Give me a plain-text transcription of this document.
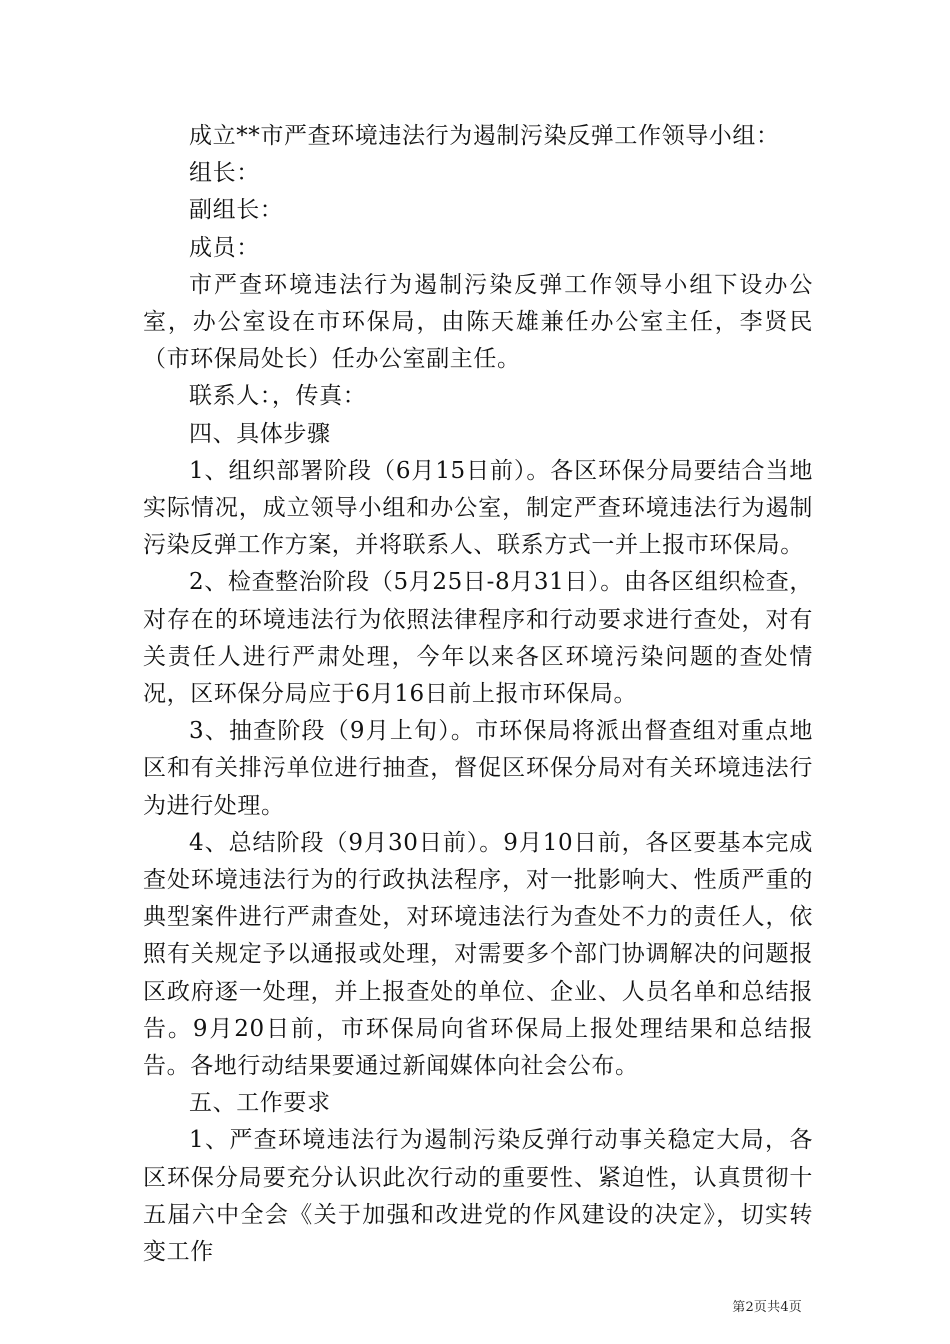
成立**市严查环境违法行为遏制污染反弹工作领导小组：

组长：

副组长：

成员：

市严查环境违法行为遏制污染反弹工作领导小组下设办公室，办公室设在市环保局，由陈天雄兼任办公室主任，李贤民（市环保局处长）任办公室副主任。

联系人：，传真：

四、具体步骤

1、组织部署阶段（6月15日前）。各区环保分局要结合当地实际情况，成立领导小组和办公室，制定严查环境违法行为遏制污染反弹工作方案，并将联系人、联系方式一并上报市环保局。

2、检查整治阶段（5月25日-8月31日）。由各区组织检查，对存在的环境违法行为依照法律程序和行动要求进行查处，对有关责任人进行严肃处理，今年以来各区环境污染问题的查处情况，区环保分局应于6月16日前上报市环保局。

3、抽查阶段（9月上旬）。市环保局将派出督查组对重点地区和有关排污单位进行抽查，督促区环保分局对有关环境违法行为进行处理。

4、总结阶段（9月30日前）。9月10日前，各区要基本完成查处环境违法行为的行政执法程序，对一批影响大、性质严重的典型案件进行严肃查处，对环境违法行为查处不力的责任人，依照有关规定予以通报或处理，对需要多个部门协调解决的问题报区政府逐一处理，并上报查处的单位、企业、人员名单和总结报告。9月20日前，市环保局向省环保局上报处理结果和总结报告。各地行动结果要通过新闻媒体向社会公布。

五、工作要求

1、严查环境违法行为遏制污染反弹行动事关稳定大局，各区环保分局要充分认识此次行动的重要性、紧迫性，认真贯彻十五届六中全会《关于加强和改进党的作风建设的决定》，切实转变工作

第2页共4页
